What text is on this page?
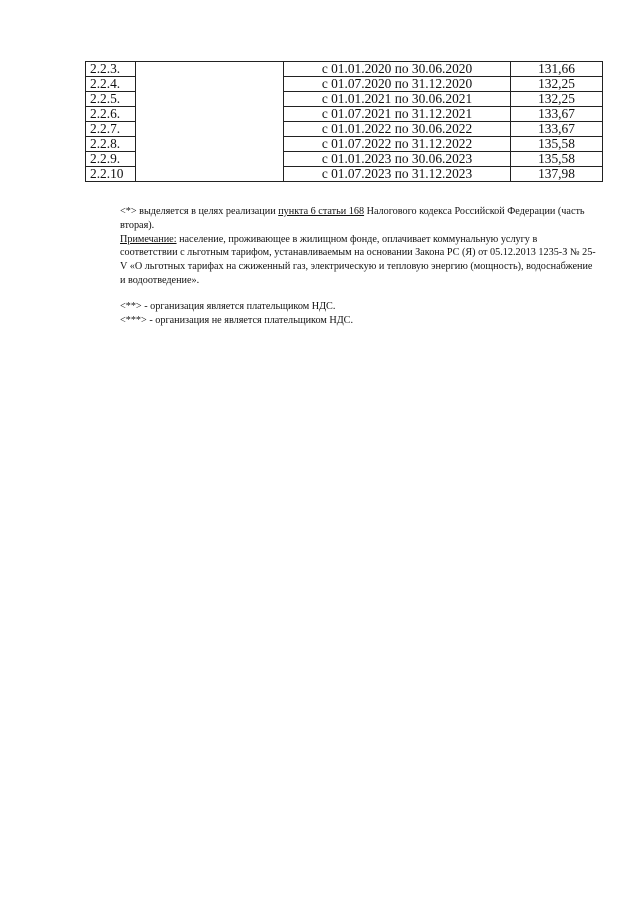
2.2.3.		с 01.01.2020 по 30.06.2020	131,66
2.2.4.		с 01.07.2020 по 31.12.2020	132,25
2.2.5.		с 01.01.2021 по 30.06.2021	132,25
2.2.6.		с 01.07.2021 по 31.12.2021	133,67
2.2.7.		с 01.01.2022 по 30.06.2022	133,67
2.2.8.		с 01.07.2022 по 31.12.2022	135,58
2.2.9.		с 01.01.2023 по 30.06.2023	135,58
2.2.10		с 01.07.2023 по 31.12.2023	137,98

<*> выделяется в целях реализации пункта 6 статьи 168 Налогового кодекса Российской Федерации (часть вторая).

Примечание: население, проживающее в жилищном фонде, оплачивает коммунальную услугу в соответствии с льготным тарифом, устанавливаемым на основании Закона РС (Я) от 05.12.2013 1235-З № 25-V «О льготных тарифах на сжиженный газ, электрическую и тепловую энергию (мощность), водоснабжение и водоотведение».

<**> - организация является плательщиком НДС.

<***> - организация не является плательщиком НДС.
